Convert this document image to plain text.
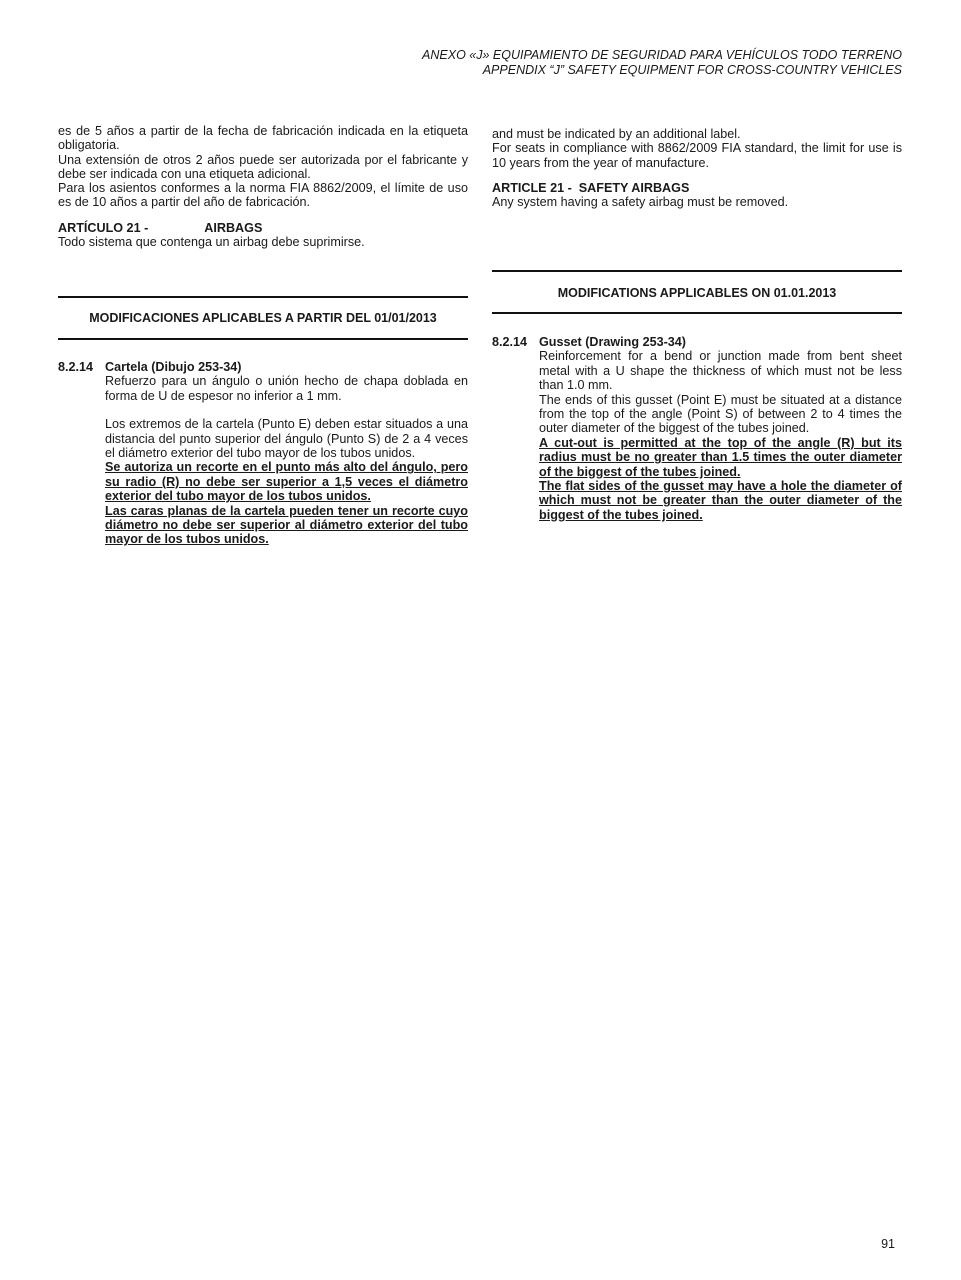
ANEXO «J» EQUIPAMIENTO DE SEGURIDAD PARA VEHÍCULOS TODO TERRENO
APPENDIX “J” SAFETY EQUIPMENT FOR CROSS-COUNTRY VEHICLES

es de 5 años a partir de la fecha de fabricación indicada en la etiqueta obligatoria.

Una extensión de otros 2 años puede ser autorizada por el fabricante y debe ser indicada con una etiqueta adicional.

Para los asientos conformes a la norma FIA 8862/2009, el límite de uso es de 10 años a partir del año de fabricación.

ARTÍCULO 21 -	AIRBAGS

Todo sistema que contenga un airbag debe suprimirse.

MODIFICACIONES APLICABLES A PARTIR DEL 01/01/2013
8.2.14 Cartela (Dibujo 253-34)

Refuerzo para un ángulo o unión hecho de chapa doblada en forma de U de espesor no inferior a 1 mm.

Los extremos de la cartela (Punto E) deben estar situados a una distancia del punto superior del ángulo (Punto S) de 2 a 4 veces el diámetro exterior del tubo mayor de los tubos unidos.

Se autoriza un recorte en el punto más alto del ángulo, pero su radio (R) no debe ser superior a 1,5 veces el diámetro exterior del tubo mayor de los tubos unidos.

Las caras planas de la cartela pueden tener un recorte cuyo diámetro no debe ser superior al diámetro exterior del tubo mayor de los tubos unidos.

and must be indicated by an additional label.

For seats in compliance with 8862/2009 FIA standard, the limit for use is 10 years from the year of manufacture.

ARTICLE 21 - SAFETY AIRBAGS

Any system having a safety airbag must be removed.

MODIFICATIONS APPLICABLES ON 01.01.2013
8.2.14 Gusset (Drawing 253-34)

Reinforcement for a bend or junction made from bent sheet metal with a U shape the thickness of which must not be less than 1.0 mm.

The ends of this gusset (Point E) must be situated at a distance from the top of the angle (Point S) of between 2 to 4 times the outer diameter of the biggest of the tubes joined.

A cut-out is permitted at the top of the angle (R) but its radius must be no greater than 1.5 times the outer diameter of the biggest of the tubes joined.

The flat sides of the gusset may have a hole the diameter of which must not be greater than the outer diameter of the biggest of the tubes joined.

91
